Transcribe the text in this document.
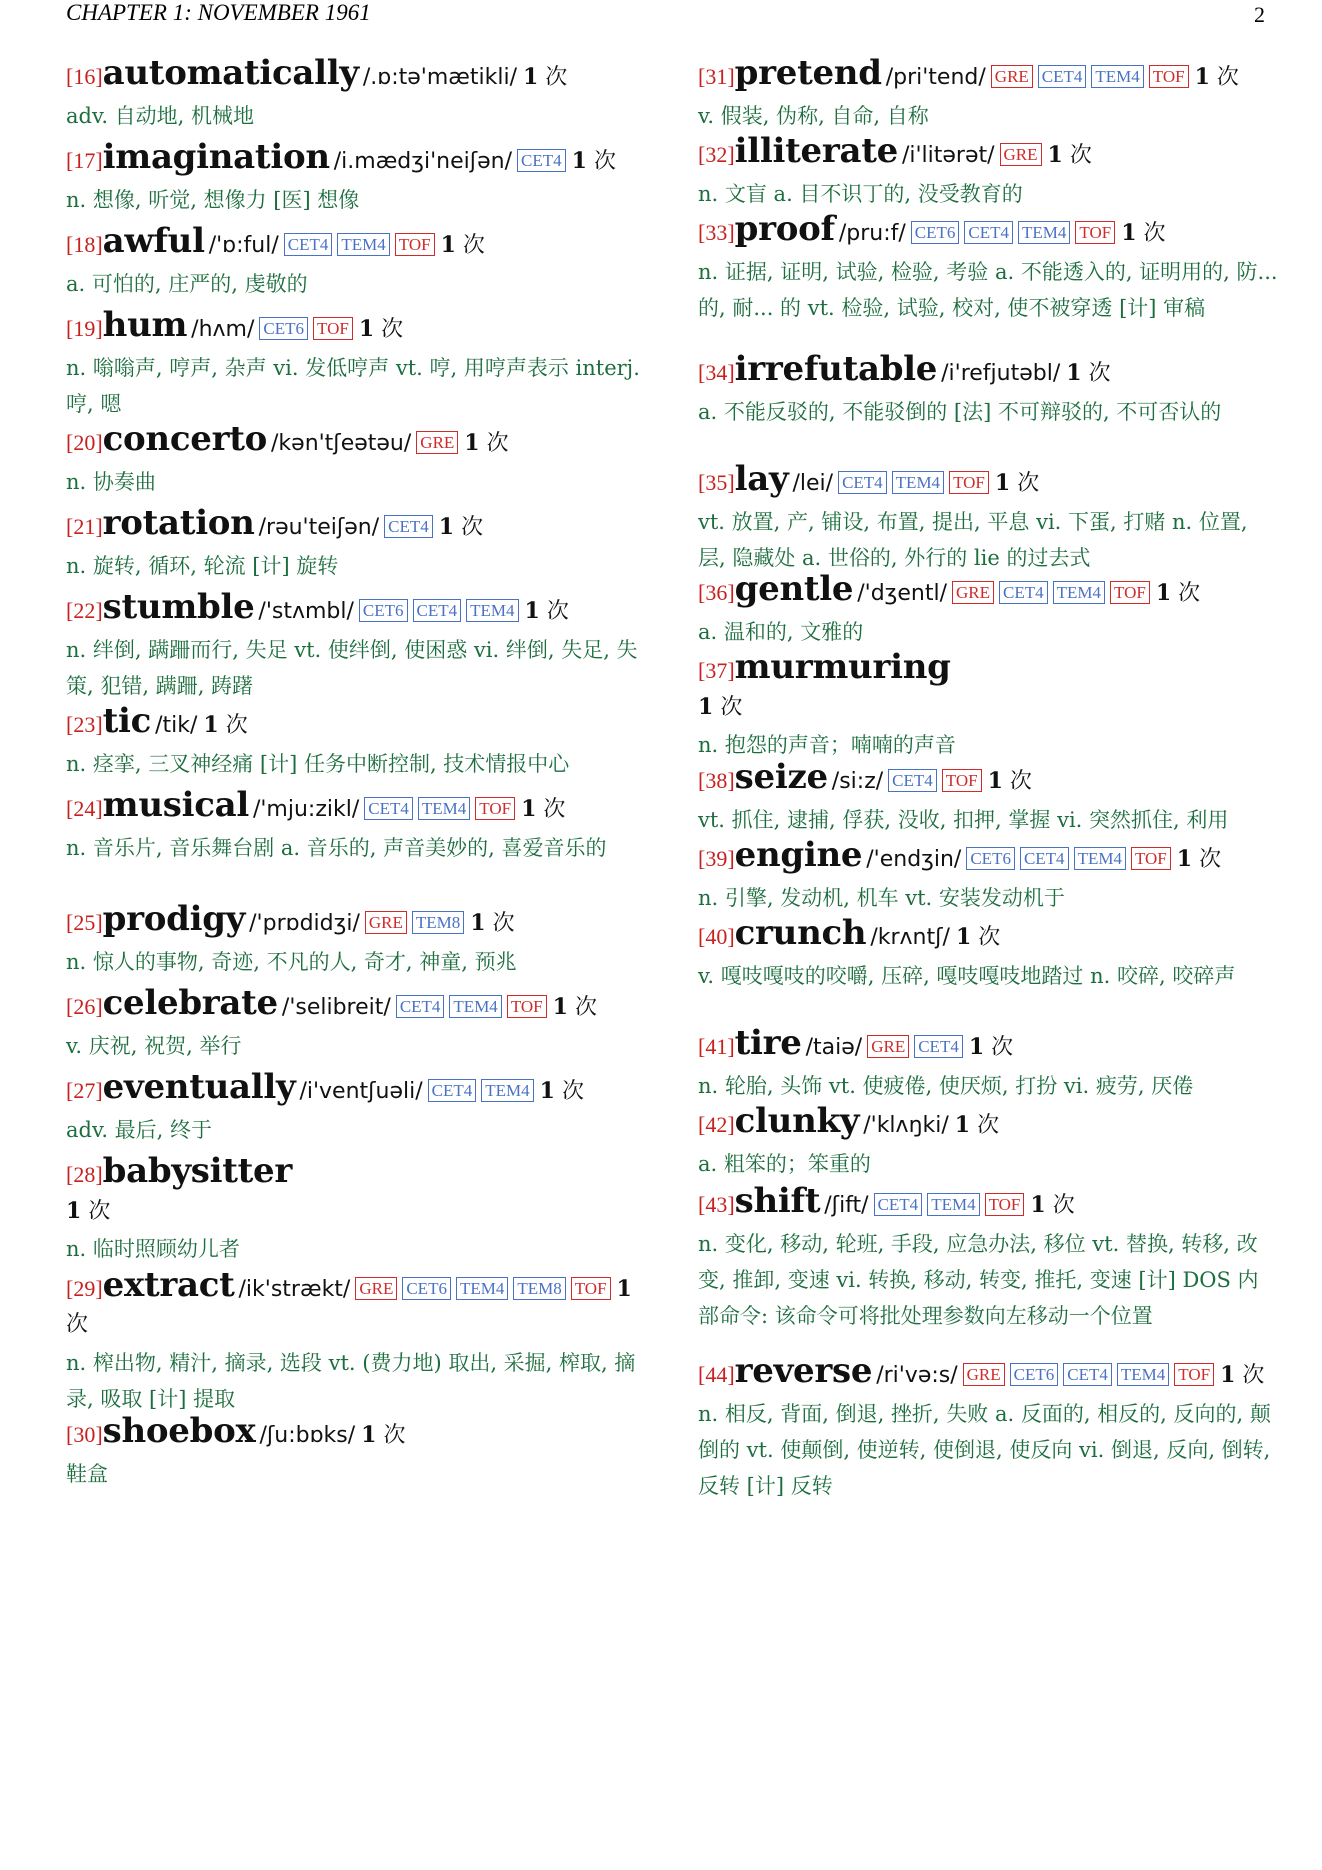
CHAPTER 1: NOVEMBER 1961	2
[16]automatically /.ɒ:tə'mætikli/ 1 次
adv. 自动地, 机械地
[17]imagination /i.mædʒi'neiʃən/ CET4 1 次
n. 想像, 听觉, 想像力 [医] 想像
[18]awful /'ɒ:ful/ CET4 TEM4 TOF 1 次
a. 可怕的, 庄严的, 虔敬的
[19]hum /hʌm/ CET6 TOF 1 次
n. 嗡嗡声, 哼声, 杂声 vi. 发低哼声 vt. 哼, 用哼声表示 interj. 哼, 嗯
[20]concerto /kən'tʃeətəu/ GRE 1 次
n. 协奏曲
[21]rotation /rəu'teiʃən/ CET4 1 次
n. 旋转, 循环, 轮流 [计] 旋转
[22]stumble /'stʌmbl/ CET6 CET4 TEM4 1 次
n. 绊倒, 蹒跚而行, 失足 vt. 使绊倒, 使困惑 vi. 绊倒, 失足, 失策, 犯错, 蹒跚, 踌躇
[23]tic /tik/ 1 次
n. 痉挛, 三叉神经痛 [计] 任务中断控制, 技术情报中心
[24]musical /'mju:zikl/ CET4 TEM4 TOF 1 次
n. 音乐片, 音乐舞台剧 a. 音乐的, 声音美妙的, 喜爱音乐的
[25]prodigy /'prɒdidʒi/ GRE TEM8 1 次
n. 惊人的事物, 奇迹, 不凡的人, 奇才, 神童, 预兆
[26]celebrate /'selibreit/ CET4 TEM4 TOF 1 次
v. 庆祝, 祝贺, 举行
[27]eventually /i'ventʃuəli/ CET4 TEM4 1 次
adv. 最后, 终于
[28]babysitter
1 次
n. 临时照顾幼儿者
[29]extract /ik'strækt/ GRE CET6 TEM4 TEM8 TOF 1 次
n. 榨出物, 精汁, 摘录, 选段 vt. (费力地) 取出, 采掘, 榨取, 摘录, 吸取 [计] 提取
[30]shoebox /ʃu:bɒks/ 1 次
鞋盒
[31]pretend /pri'tend/ GRE CET4 TEM4 TOF 1 次
v. 假装, 伪称, 自命, 自称
[32]illiterate /i'litərət/ GRE 1 次
n. 文盲 a. 目不识丁的, 没受教育的
[33]proof /pru:f/ CET6 CET4 TEM4 TOF 1 次
n. 证据, 证明, 试验, 检验, 考验 a. 不能透入的, 证明用的, 防... 的, 耐... 的 vt. 检验, 试验, 校对, 使不被穿透 [计] 审稿
[34]irrefutable /i'refjutəbl/ 1 次
a. 不能反驳的, 不能驳倒的 [法] 不可辩驳的, 不可否认的
[35]lay /lei/ CET4 TEM4 TOF 1 次
vt. 放置, 产, 铺设, 布置, 提出, 平息 vi. 下蛋, 打赌 n. 位置, 层, 隐藏处 a. 世俗的, 外行的 lie 的过去式
[36]gentle /'dʒentl/ GRE CET4 TEM4 TOF 1 次
a. 温和的, 文雅的
[37]murmuring
1 次
n. 抱怨的声音；喃喃的声音
[38]seize /si:z/ CET4 TOF 1 次
vt. 抓住, 逮捕, 俘获, 没收, 扣押, 掌握 vi. 突然抓住, 利用
[39]engine /'endʒin/ CET6 CET4 TEM4 TOF 1 次
n. 引擎, 发动机, 机车 vt. 安装发动机于
[40]crunch /krʌntʃ/ 1 次
v. 嘎吱嘎吱的咬嚼, 压碎, 嘎吱嘎吱地踏过 n. 咬碎, 咬碎声
[41]tire /taiə/ GRE CET4 1 次
n. 轮胎, 头饰 vt. 使疲倦, 使厌烦, 打扮 vi. 疲劳, 厌倦
[42]clunky /'klʌŋki/ 1 次
a. 粗笨的；笨重的
[43]shift /ʃift/ CET4 TEM4 TOF 1 次
n. 变化, 移动, 轮班, 手段, 应急办法, 移位 vt. 替换, 转移, 改变, 推卸, 变速 vi. 转换, 移动, 转变, 推托, 变速 [计] DOS 内部命令: 该命令可将批处理参数向左移动一个位置
[44]reverse /ri'və:s/ GRE CET6 CET4 TEM4 TOF 1 次
n. 相反, 背面, 倒退, 挫折, 失败 a. 反面的, 相反的, 反向的, 颠倒的 vt. 使颠倒, 使逆转, 使倒退, 使反向 vi. 倒退, 反向, 倒转, 反转 [计] 反转
